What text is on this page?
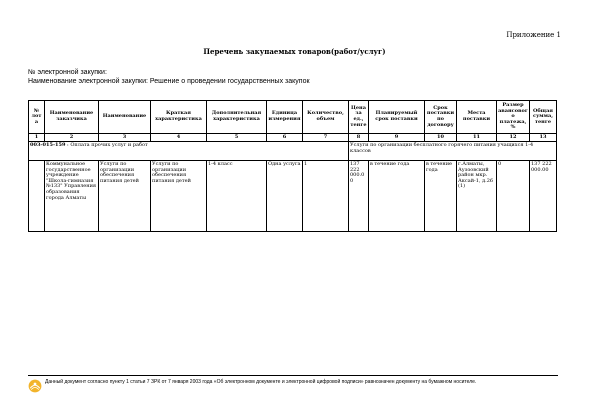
Приложение 1
Перечень закупаемых товаров(работ/услуг)
№ электронной закупки:
Наименование электронной закупки: Решение о проведении государственных закупок
№ лота	Наименование заказчика	Наименование	Краткая характеристика	Дополнительная характеристика	Единица измерения	Количество, объем	Цена за ед., тенге	Планируемый срок поставки	Срок поставки по договору	Места поставки	Размер авансового платежа, %	Общая сумма, тенге
1	2	3	4	5	6	7	8	9	10	11	12	13
003-015-159 : Оплата прочих услуг и работ							Услуги по организации бесплатного горячего питания учащихся 1-4 классов					
	Коммунальное государственное учреждение "Школа-гимназия №133" Управления образования города Алматы	Услуги по организации обеспечения питания детей	Услуги по организации обеспечения питания детей	1-4 класс	Одна услуга	1	137 222 000.00	в течение года	в течение года	г.Алматы, Ауэзовский район мкр. Аксай-1, д.26 (1)	0	137 222 000.00
Данный документ согласно пункту 1 статьи 7 ЗРК от 7 января 2003 года «Об электронном документе и электронной цифровой подписи» равнозначен документу на бумажном носителе.
